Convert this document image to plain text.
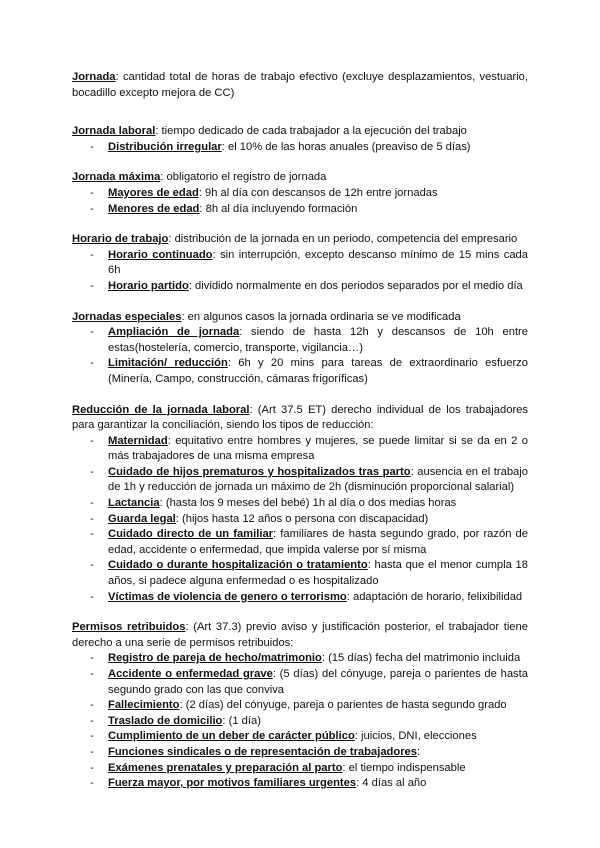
Jornada: cantidad total de horas de trabajo efectivo (excluye desplazamientos, vestuario, bocadillo excepto mejora de CC)

Jornada laboral: tiempo dedicado de cada trabajador a la ejecución del trabajo

- Distribución irregular: el 10% de las horas anuales (preaviso de 5 días)

Jornada máxima: obligatorio el registro de jornada

- Mayores de edad: 9h al día con descansos de 12h entre jornadas
- Menores de edad: 8h al día incluyendo formación

Horario de trabajo: distribución de la jornada en un periodo, competencia del empresario

- Horario continuado: sin interrupción, excepto descanso mínimo de 15 mins cada 6h
- Horario partido: dividido normalmente en dos periodos separados por el medio día

Jornadas especiales: en algunos casos la jornada ordinaria se ve modificada

- Ampliación de jornada: siendo de hasta 12h y descansos de 10h entre estas(hostelería, comercio, transporte, vigilancia…)
- Limitación/ reducción: 6h y 20 mins para tareas de extraordinario esfuerzo (Minería, Campo, construcción, cámaras frigoríficas)

Reducción de la jornada laboral: (Art 37.5 ET) derecho individual de los trabajadores para garantizar la conciliación, siendo los tipos de reducción:

- Maternidad: equitativo entre hombres y mujeres, se puede limitar si se da en 2 o más trabajadores de una misma empresa
- Cuidado de hijos prematuros y hospitalizados tras parto: ausencia en el trabajo de 1h y reducción de jornada un máximo de 2h (disminución proporcional salarial)
- Lactancia: (hasta los 9 meses del bebé) 1h al día o dos medias horas
- Guarda legal: (hijos hasta 12 años o persona con discapacidad)
- Cuidado directo de un familiar: familiares de hasta segundo grado, por razón de edad, accidente o enfermedad, que impida valerse por sí misma
- Cuidado o durante hospitalización o tratamiento: hasta que el menor cumpla 18 años, si padece alguna enfermedad o es hospitalizado
- Víctimas de violencia de genero o terrorismo: adaptación de horario, felixibilidad

Permisos retribuidos: (Art 37.3) previo aviso y justificación posterior, el trabajador tiene derecho a una serie de permisos retribuidos:

- Registro de pareja de hecho/matrimonio: (15 días) fecha del matrimonio incluida
- Accidente o enfermedad grave: (5 días) del cónyuge, pareja o parientes de hasta segundo grado con las que conviva
- Fallecimiento: (2 días) del cónyuge, pareja o parientes de hasta segundo grado
- Traslado de domicilio: (1 día)
- Cumplimiento de un deber de carácter público: juicios, DNI, elecciones
- Funciones sindicales o de representación de trabajadores:
- Exámenes prenatales y preparación al parto: el tiempo indispensable
- Fuerza mayor, por motivos familiares urgentes: 4 días al año
